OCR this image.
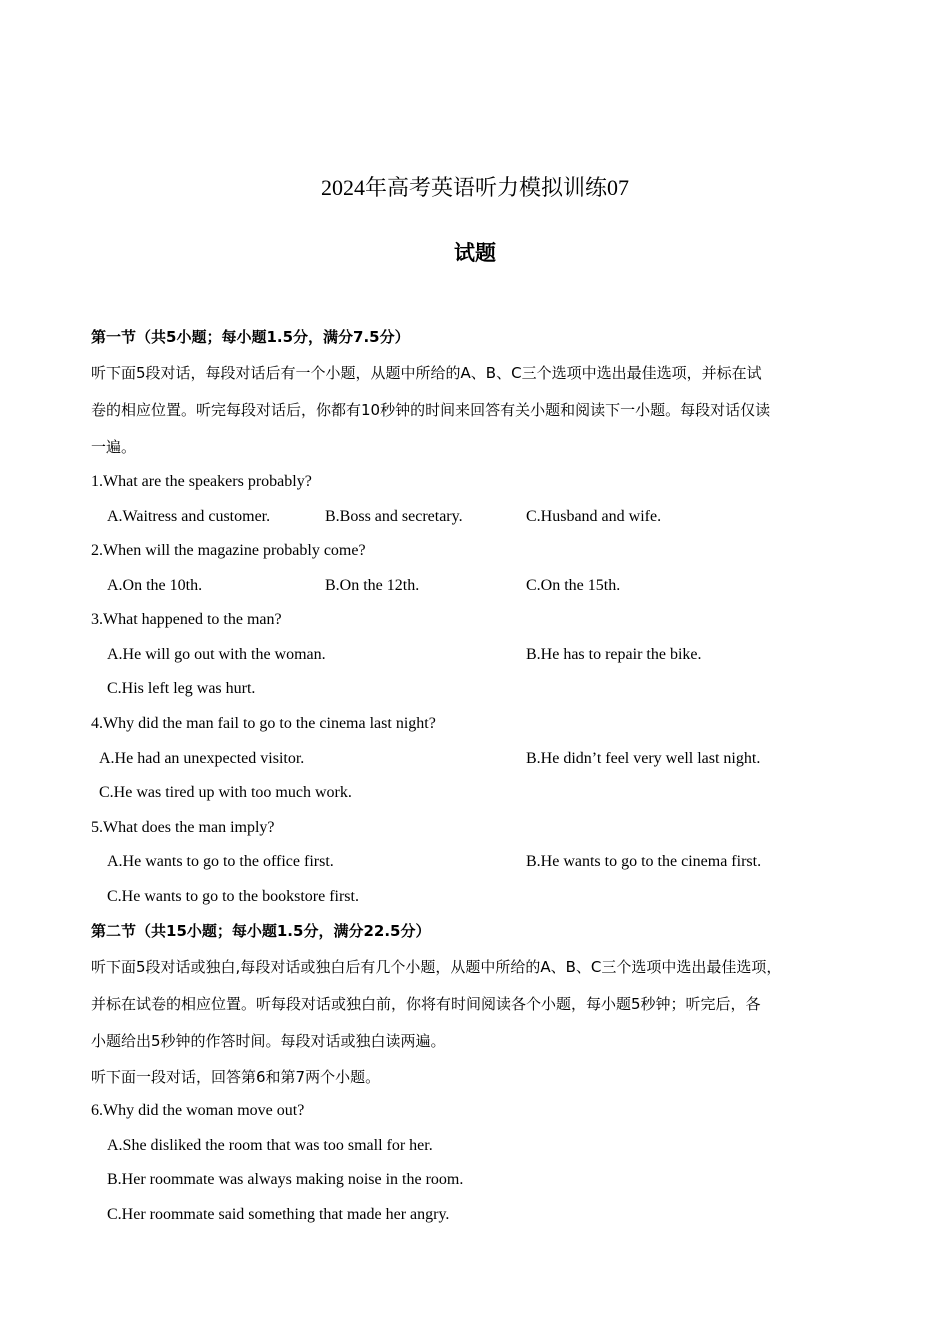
2024年高考英语听力模拟训练07
试题
第一节（共5小题；每小题1.5分，满分7.5分）
听下面5段对话，每段对话后有一个小题，从题中所给的A、B、C三个选项中选出最佳选项，并标在试
卷的相应位置。听完每段对话后，你都有10秒钟的时间来回答有关小题和阅读下一小题。每段对话仅读
一遍。
1.What are the speakers probably?
A.Waitress and customer.	B.Boss and secretary.	C.Husband and wife.
2.When will the magazine probably come?
A.On the 10th.	B.On the 12th.	C.On the 15th.
3.What happened to the man?
A.He will go out with the woman.	B.He has to repair the bike.
C.His left leg was hurt.
4.Why did the man fail to go to the cinema last night?
A.He had an unexpected visitor.	B.He didn’t feel very well last night.
C.He was tired up with too much work.
5.What does the man imply?
A.He wants to go to the office first.	B.He wants to go to the cinema first.
C.He wants to go to the bookstore first.
第二节（共15小题；每小题1.5分，满分22.5分）
听下面5段对话或独白,每段对话或独白后有几个小题，从题中所给的A、B、C三个选项中选出最佳选项，
并标在试卷的相应位置。听每段对话或独白前，你将有时间阅读各个小题，每小题5秒钟；听完后，各
小题给出5秒钟的作答时间。每段对话或独白读两遍。
听下面一段对话，回答第6和第7两个小题。
6.Why did the woman move out?
A.She disliked the room that was too small for her.
B.Her roommate was always making noise in the room.
C.Her roommate said something that made her angry.
